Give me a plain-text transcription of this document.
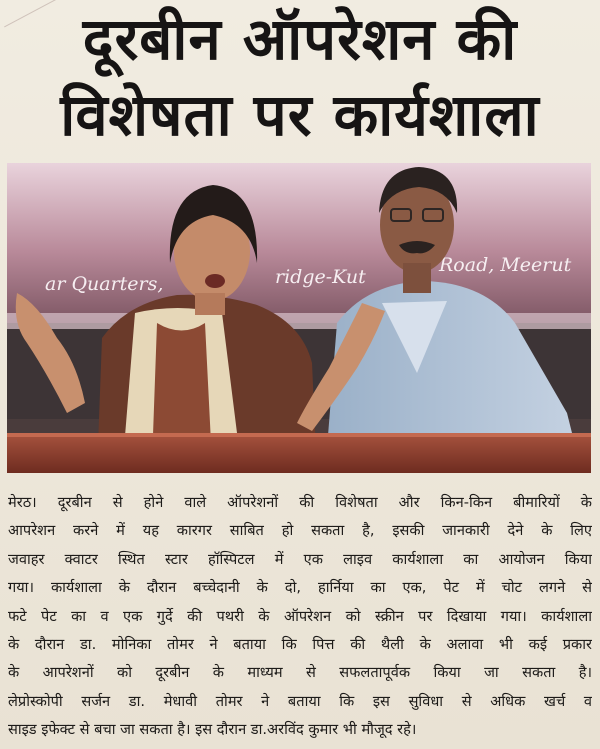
दूरबीन ऑपरेशन की
विशेषता पर कार्यशाला
ar Quarters,	ridge-Kut
Road, Meerut
मेरठ। दूरबीन से होने वाले ऑपरेशनों की विशेषता और किन-किन बीमारियों के
आपरेशन करने में यह कारगर साबित हो सकता है, इसकी जानकारी देने के लिए
जवाहर क्वाटर स्थित स्टार हॉस्पिटल में एक लाइव कार्यशाला का आयोजन किया
गया। कार्यशाला के दौरान बच्चेदानी के दो, हार्निया का एक, पेट में चोट लगने से
फटे पेट का व एक गुर्दे की पथरी के ऑपरेशन को स्क्रीन पर दिखाया गया। कार्यशाला
के दौरान डा. मोनिका तोमर ने बताया कि पित्त की थैली के अलावा भी कई प्रकार
के आपरेशनों को दूरबीन के माध्यम से सफलतापूर्वक किया जा सकता है।
लेप्रोस्कोपी सर्जन डा. मेधावी तोमर ने बताया कि इस सुविधा से अधिक खर्च व
साइड इफेक्ट से बचा जा सकता है। इस दौरान डा.अरविंद कुमार भी मौजूद रहे।
